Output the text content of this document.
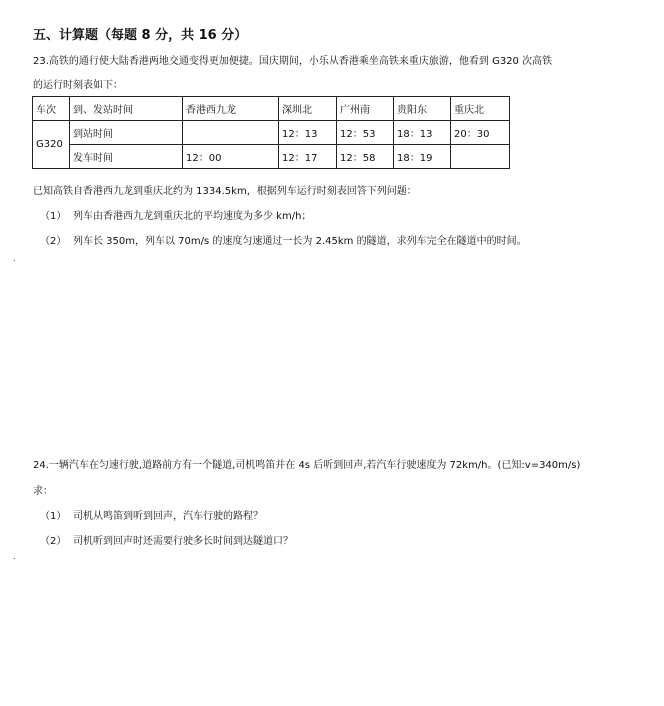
五、计算题（每题 8 分，共 16 分）
23.高铁的通行使大陆香港两地交通变得更加便捷。国庆期间，小乐从香港乘坐高铁来重庆旅游，他看到 G320 次高铁
的运行时刻表如下：
车次	到、发站时间	香港西九龙	深圳北	广州南	贵阳东	重庆北
G320	到站时间		12：13	12：53	18：13	20：30
	发车时间	12：00	12：17	12：58	18：19	
已知高铁自香港西九龙到重庆北约为 1334.5km，根据列车运行时刻表回答下列问题：
（1） 列车由香港西九龙到重庆北的平均速度为多少 km/h；
（2） 列车长 350m，列车以 70m/s 的速度匀速通过一长为 2.45km 的隧道，求列车完全在隧道中的时间。
.
24.一辆汽车在匀速行驶,道路前方有一个隧道,司机鸣笛并在 4s 后听到回声,若汽车行驶速度为 72km/h。(已知:v=340m/s)
求：
（1） 司机从鸣笛到听到回声，汽车行驶的路程？
（2） 司机听到回声时还需要行驶多长时间到达隧道口？
.
